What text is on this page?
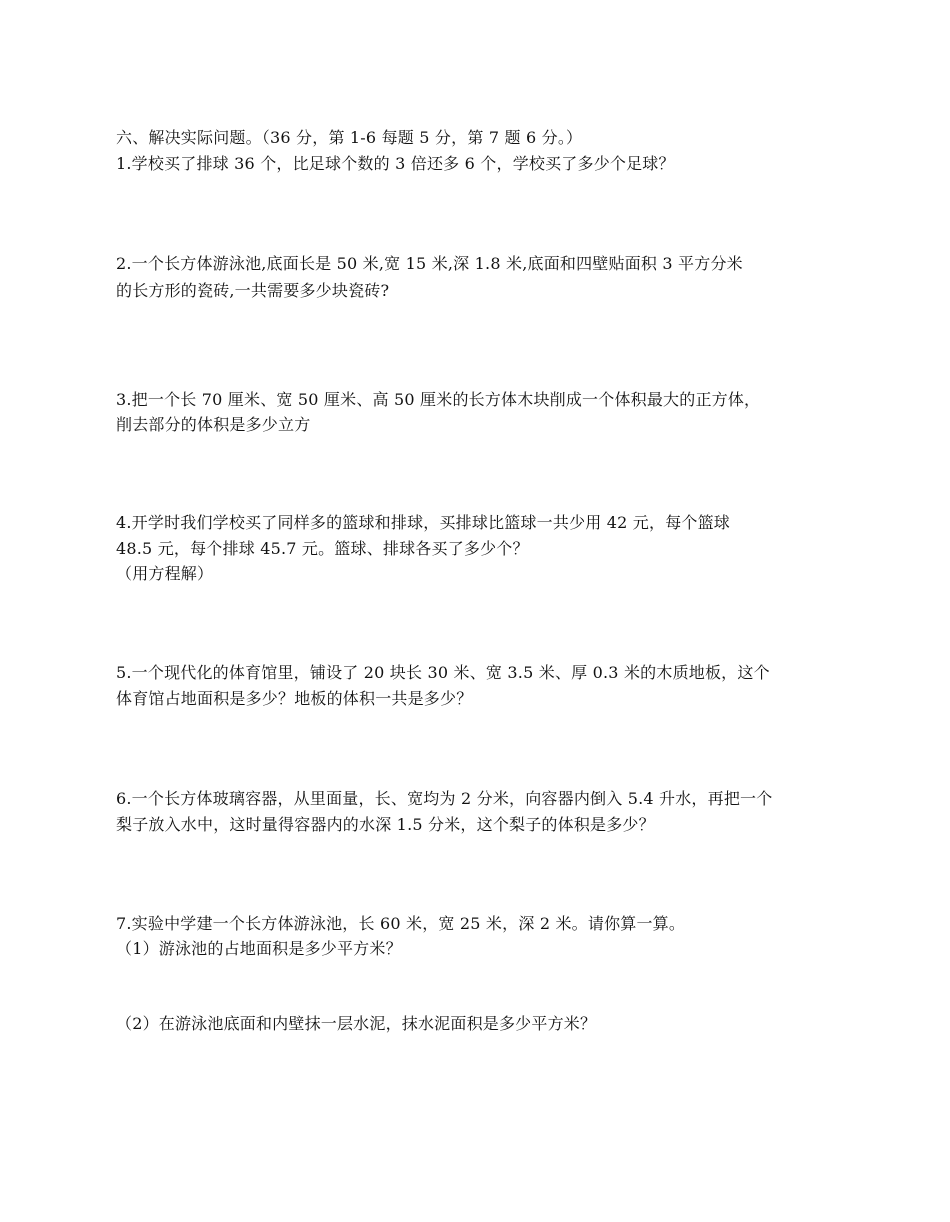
六、解决实际问题。（36 分，第 1-6 每题 5 分，第 7 题 6 分。）
1.学校买了排球 36 个，比足球个数的 3 倍还多 6 个，学校买了多少个足球？
2.一个长方体游泳池,底面长是 50 米,宽 15 米,深 1.8 米,底面和四壁贴面积 3 平方分米
的长方形的瓷砖,一共需要多少块瓷砖?
3.把一个长 70 厘米、宽 50 厘米、高 50 厘米的长方体木块削成一个体积最大的正方体，
削去部分的体积是多少立方
4.开学时我们学校买了同样多的篮球和排球，买排球比篮球一共少用 42 元，每个篮球
48.5 元，每个排球 45.7 元。篮球、排球各买了多少个？
（用方程解）
5.一个现代化的体育馆里，铺设了 20 块长 30 米、宽 3.5 米、厚 0.3 米的木质地板，这个
体育馆占地面积是多少？地板的体积一共是多少？
6.一个长方体玻璃容器，从里面量，长、宽均为 2 分米，向容器内倒入 5.4 升水，再把一个
梨子放入水中，这时量得容器内的水深 1.5 分米，这个梨子的体积是多少？
7.实验中学建一个长方体游泳池，长 60 米，宽 25 米，深 2 米。请你算一算。
（1）游泳池的占地面积是多少平方米？
（2）在游泳池底面和内壁抹一层水泥，抹水泥面积是多少平方米？
